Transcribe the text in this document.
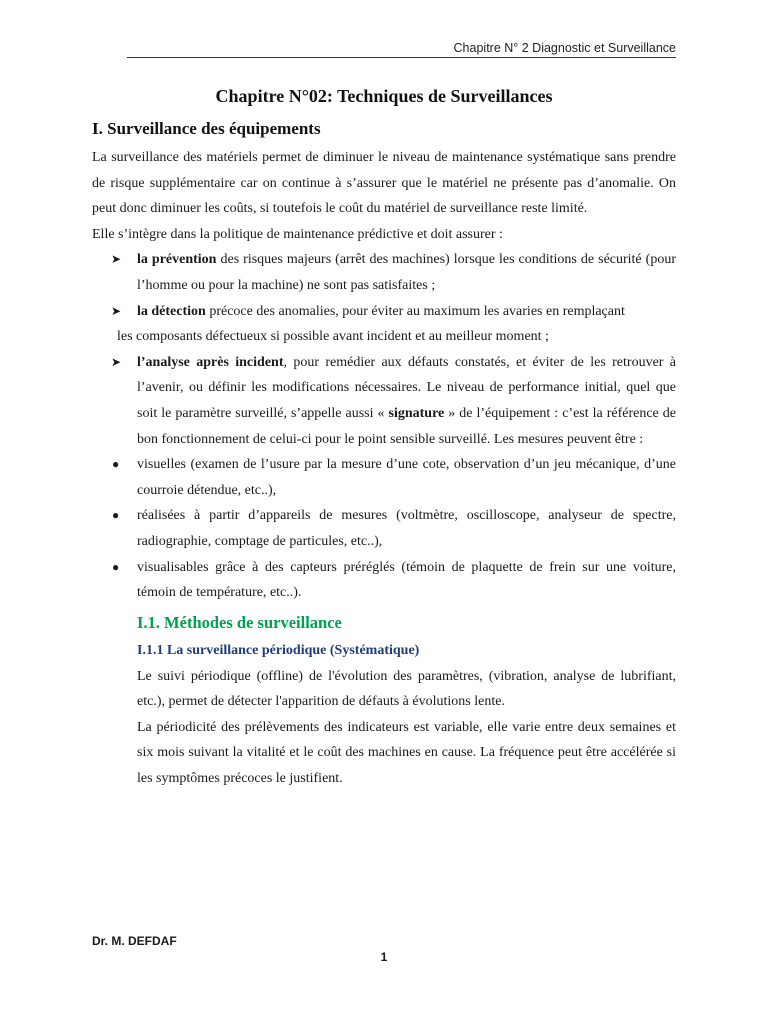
Chapitre N° 2 Diagnostic et Surveillance
Chapitre N°02: Techniques de Surveillances
I. Surveillance des équipements

La surveillance des matériels permet de diminuer le niveau de maintenance systématique sans prendre de risque supplémentaire car on continue à s’assurer que le matériel ne présente pas d’anomalie. On peut donc diminuer les coûts, si toutefois le coût du matériel de surveillance reste limité.

Elle s’intègre dans la politique de maintenance prédictive et doit assurer :

➤ la prévention des risques majeurs (arrêt des machines) lorsque les conditions de sécurité (pour l’homme ou pour la machine) ne sont pas satisfaites ;
➤ la détection précoce des anomalies, pour éviter au maximum les avaries en remplaçant
les composants défectueux si possible avant incident et au meilleur moment ;
➤ l’analyse après incident, pour remédier aux défauts constatés, et éviter de les retrouver à l’avenir, ou définir les modifications nécessaires. Le niveau de performance initial, quel que soit le paramètre surveillé, s’appelle aussi « signature » de l’équipement : c’est la référence de bon fonctionnement de celui-ci pour le point sensible surveillé. Les mesures peuvent être :
● visuelles (examen de l’usure par la mesure d’une cote, observation d’un jeu mécanique, d’une courroie détendue, etc..),
● réalisées à partir d’appareils de mesures (voltmètre, oscilloscope, analyseur de spectre, radiographie, comptage de particules, etc..),
● visualisables grâce à des capteurs préréglés (témoin de plaquette de frein sur une voiture, témoin de température, etc..).
I.1. Méthodes de surveillance
I.1.1 La surveillance périodique (Systématique)

Le suivi périodique (offline) de l'évolution des paramètres, (vibration, analyse de lubrifiant, etc.), permet de détecter l'apparition de défauts à évolutions lente.

La périodicité des prélèvements des indicateurs est variable, elle varie entre deux semaines et six mois suivant la vitalité et le coût des machines en cause. La fréquence peut être accélérée si les symptômes précoces le justifient.

Dr. M. DEFDAF
1
